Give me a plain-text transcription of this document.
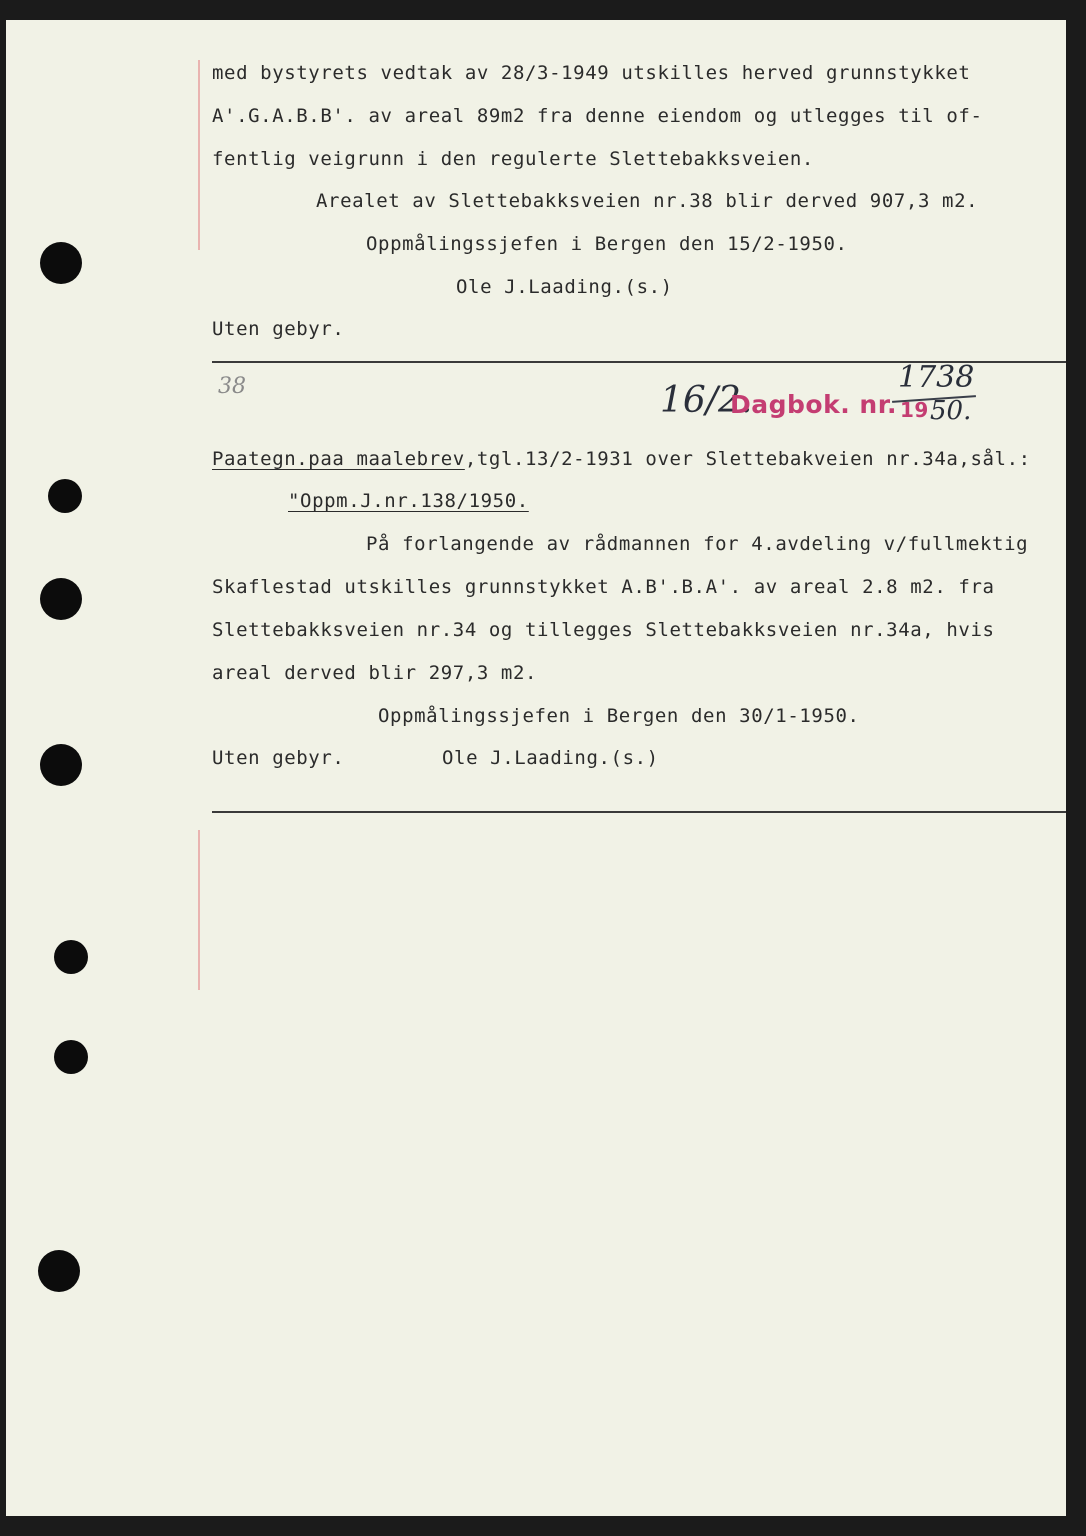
med bystyrets vedtak av 28/3-1949 utskilles herved grunnstykket
A'.G.A.B.B'. av areal 89m2 fra denne eiendom og utlegges til of-
fentlig veigrunn i den regulerte Slettebakksveien.
Arealet av Slettebakksveien nr.38 blir derved 907,3 m2.
Oppmålingssjefen i Bergen den 15/2-1950.
Ole J.Laading.(s.)
Uten gebyr.
38	16/2.
Dagbok. nr.
1738
19 50.
Paategn.paa maalebrev,tgl.13/2-1931 over Slettebakveien nr.34a,sål.:
"Oppm.J.nr.138/1950.
På forlangende av rådmannen for 4.avdeling v/fullmektig
Skaflestad utskilles grunnstykket A.B'.B.A'. av areal 2.8 m2. fra
Slettebakksveien nr.34 og tillegges Slettebakksveien nr.34a, hvis
areal derved blir 297,3 m2.
Oppmålingssjefen i Bergen den 30/1-1950.
Uten gebyr.	Ole J.Laading.(s.)
